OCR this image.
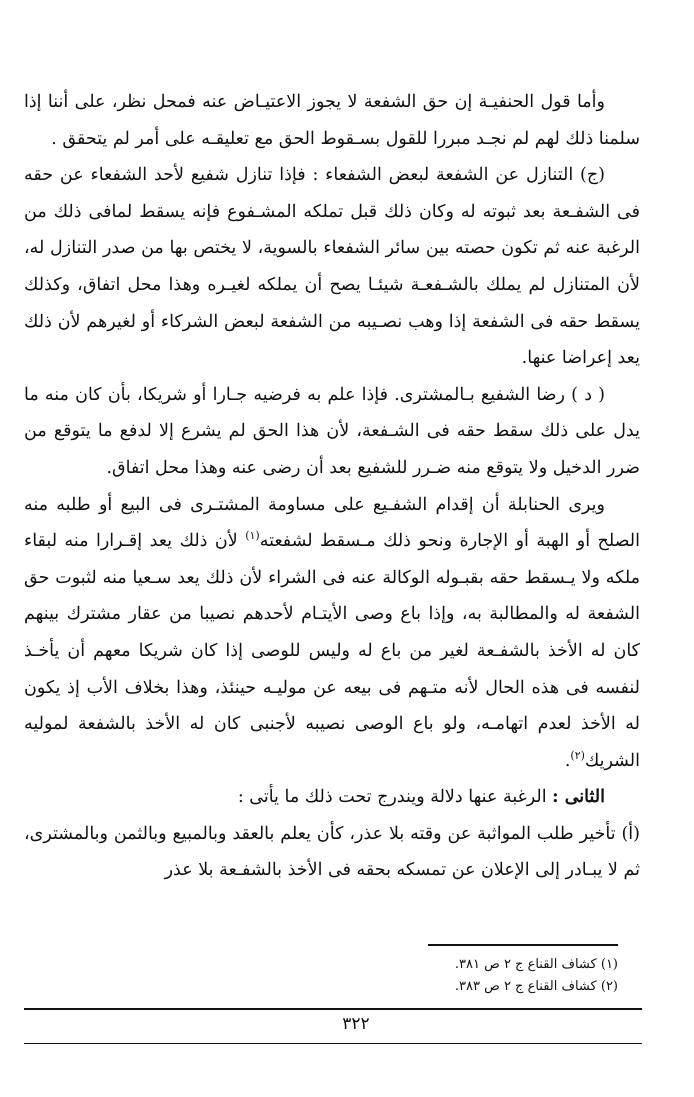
  وأما قول الحنفيـة إن حق الشفعة لا يجوز الاعتيـاض عنه فمحل نظر، على أننا إذا سلمنا ذلك لهم لم نجـد مبررا للقول بسـقوط الحق مع تعليقـه على أمر لم يتحقق .

  (ج) التنازل عن الشفعة لبعض الشفعاء : فإذا تنازل شفيع لأحد الشفعاء عن حقه فى الشفـعة بعد ثبوته له وكان ذلك قبل تملكه المشـفوع فإنه يسقط لمافى ذلك من الرغبة عنه ثم تكون حصته بين سائر الشفعاء بالسوية، لا يختص بها من صدر التنازل له، لأن المتنازل لم يملك بالشـفعـة شيئـا يصح أن يملكه لغيـره وهذا محل اتفاق، وكذلك يسقط حقه فى الشفعة إذا وهب نصـيبه من الشفعة لبعض الشركاء أو لغيرهم لأن ذلك يعد إعراضا عنها.

  ( د ) رضا الشفيع بـالمشترى. فإذا علم به فرضيه جـارا أو شريكا، بأن كان منه ما يدل على ذلك سقط حقه فى الشـفعة، لأن هذا الحق لم يشرع إلا لدفع ما يتوقع من ضرر الدخيل ولا يتوقع منه ضـرر للشفيع بعد أن رضى عنه وهذا محل اتفاق.

  ويرى الحنابلة أن إقدام الشفـيع على مساومة المشتـرى فى البيع أو طلبه منه الصلح أو الهبة أو الإجارة ونحو ذلك مـسقط لشفعته$^{(١)}$ لأن ذلك يعد إقـرارا منه لبقاء ملكه ولا يـسقط حقه بقبـوله الوكالة عنه فى الشراء لأن ذلك يعد سـعيا منه لثبوت حق الشفعة له والمطالبة به، وإذا باع وصى الأيتـام لأحدهم نصيبا من عقار مشترك بينهم كان له الأخذ بالشفـعة لغير من باع له وليس للوصى إذا كان شريكا معهم أن يأخـذ لنفسه فى هذه الحال لأنه متـهم فى بيعه عن موليـه حينئذ، وهذا بخلاف الأب إذ يكون له الأخذ لعدم اتهامـه، ولو باع الوصى نصيبه لأجنبى كان له الأخذ بالشفعة لموليه الشريك$^{(٢)}$.

  الثانى : الرغبة عنها دلالة ويندرج تحت ذلك ما يأتى :

(أ) تأخير طلب المواثبة عن وقته بلا عذر، كأن يعلم بالعقد وبالمبيع وبالثمن وبالمشترى، ثم لا يبـادر إلى الإعلان عن تمسكه بحقه فى الأخذ بالشفـعة بلا عذر

(١) كشاف القناع ج ٢ ص ٣٨١.
(٢) كشاف القناع ج ٢ ص ٣٨٣.
٣٢٢
